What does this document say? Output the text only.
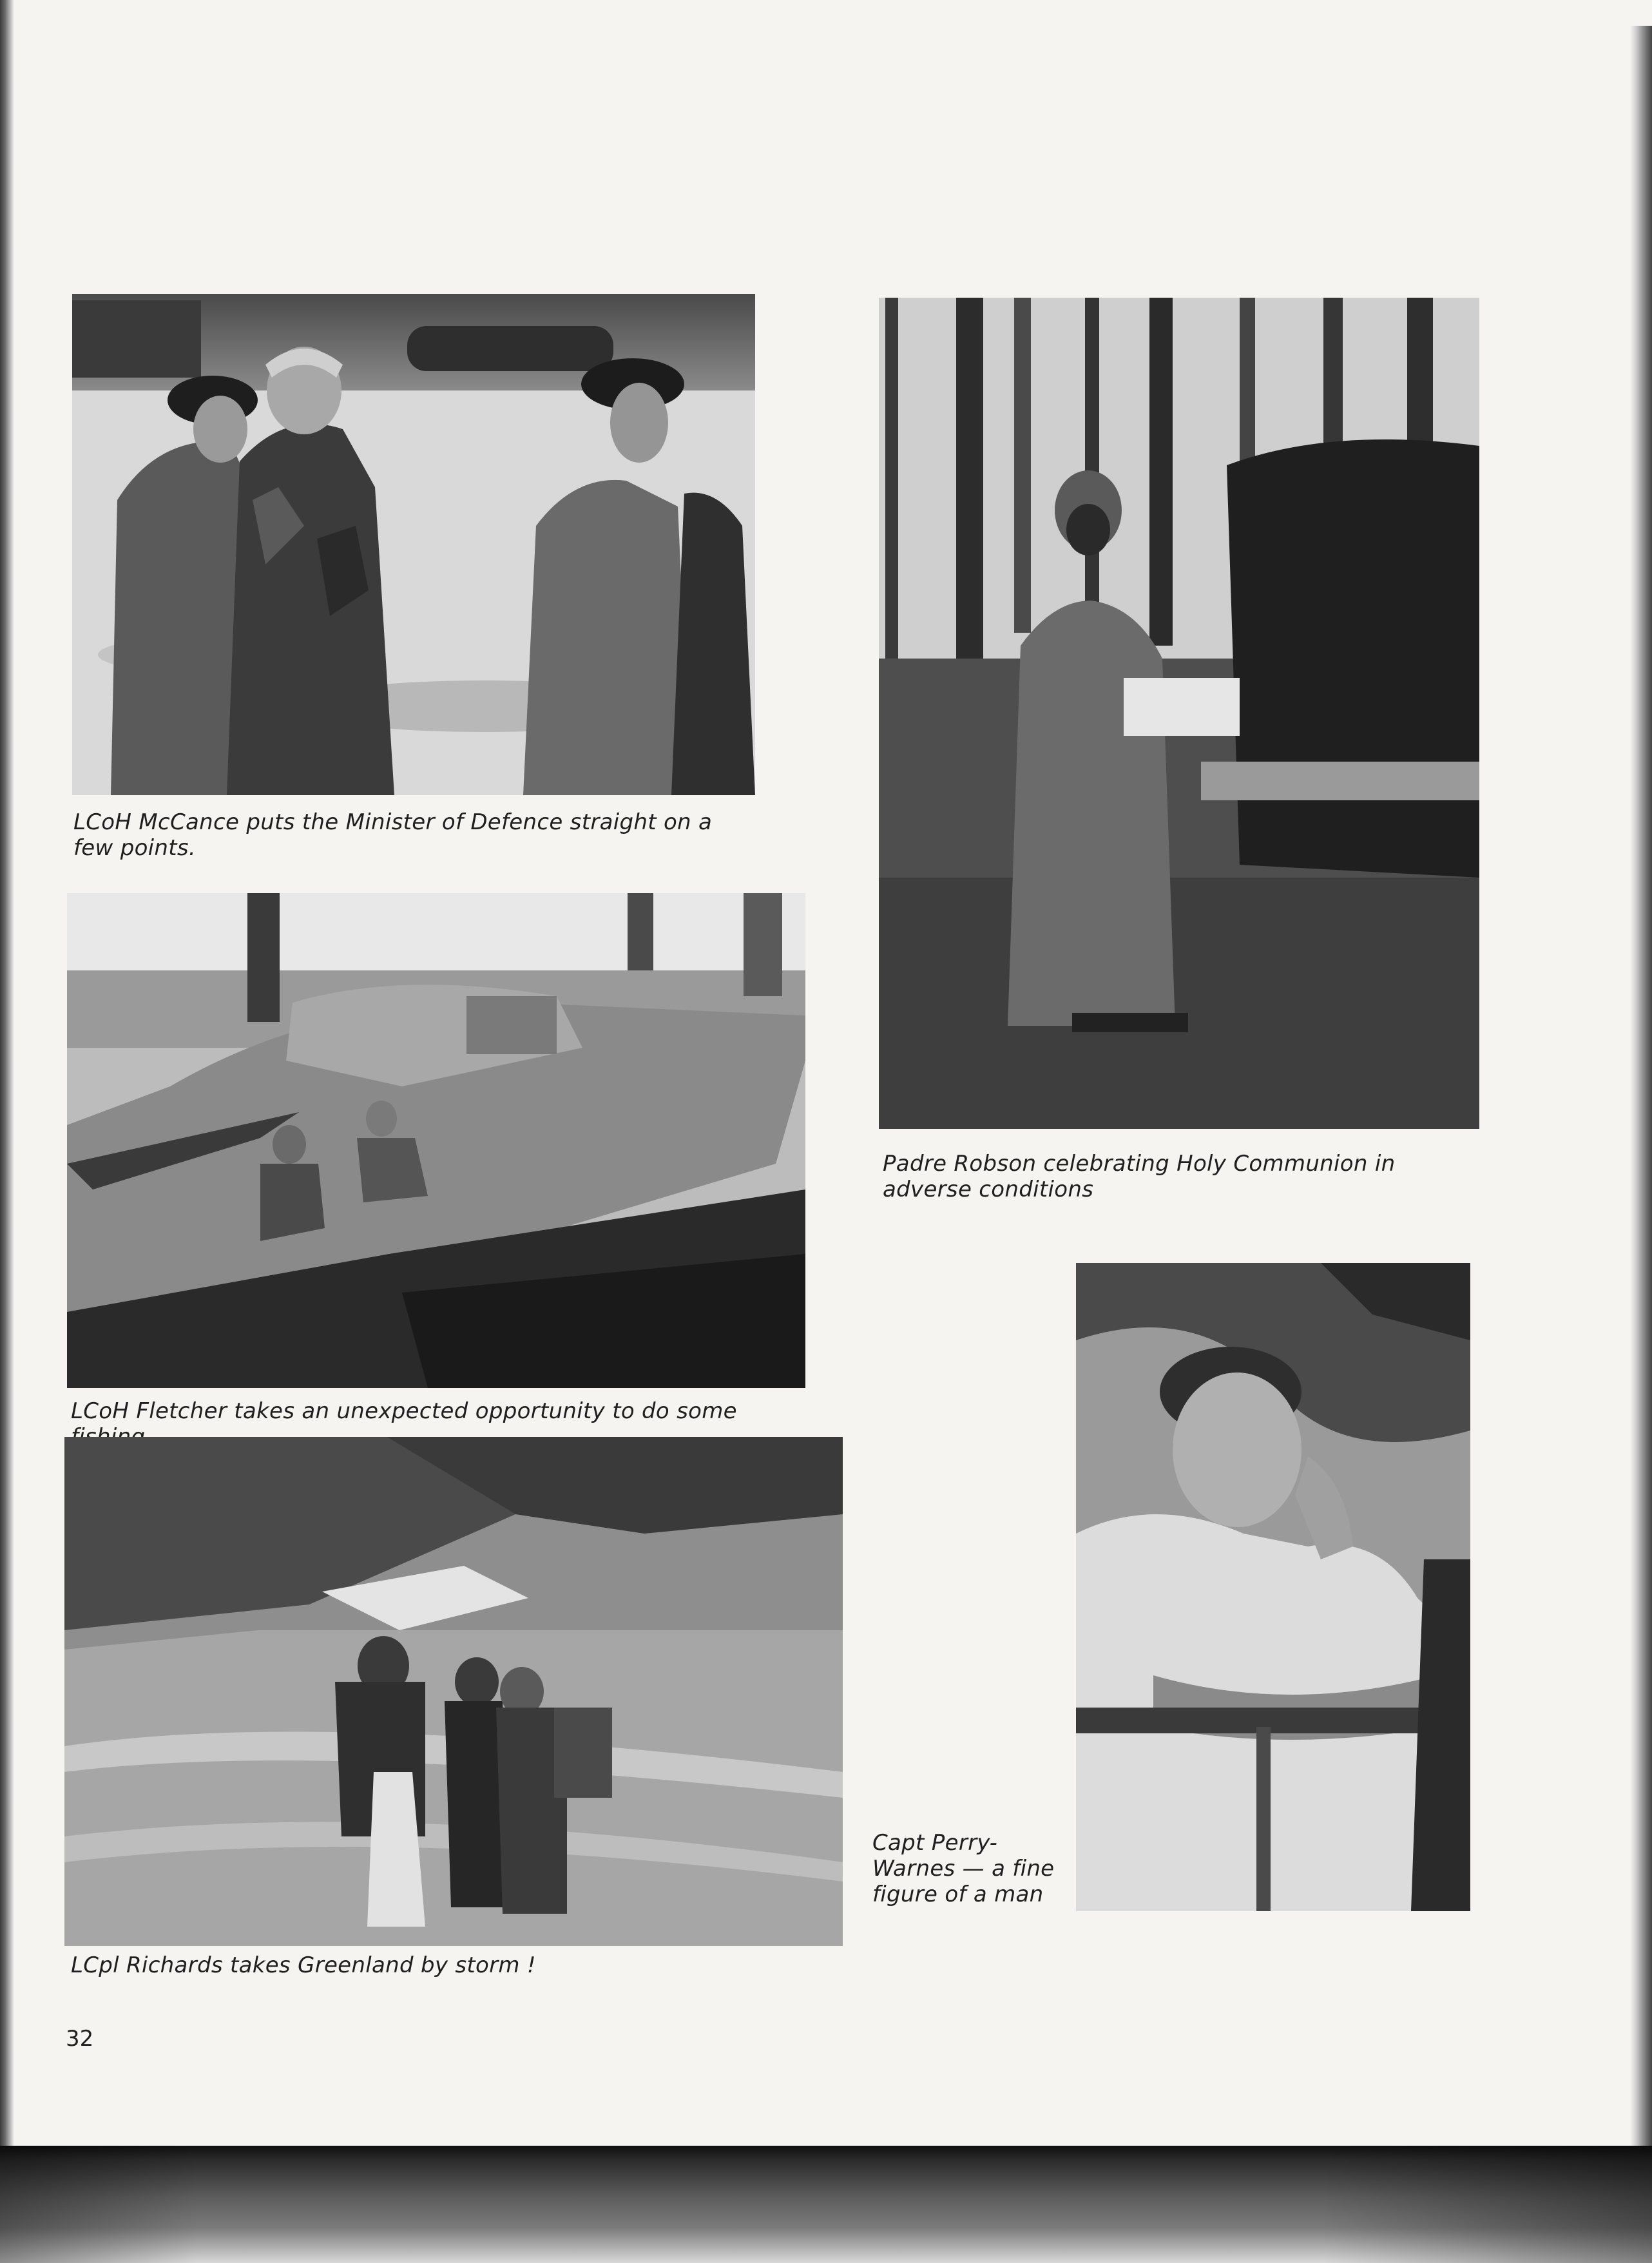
LCoH McCance puts the Minister of Defence straight on a few points.

Padre Robson celebrating Holy Communion in adverse conditions

LCoH Fletcher takes an unexpected opportunity to do some

LCpl Richards takes Greenland by storm !

Capt Perry-Warnes — a fine figure of a man

32
